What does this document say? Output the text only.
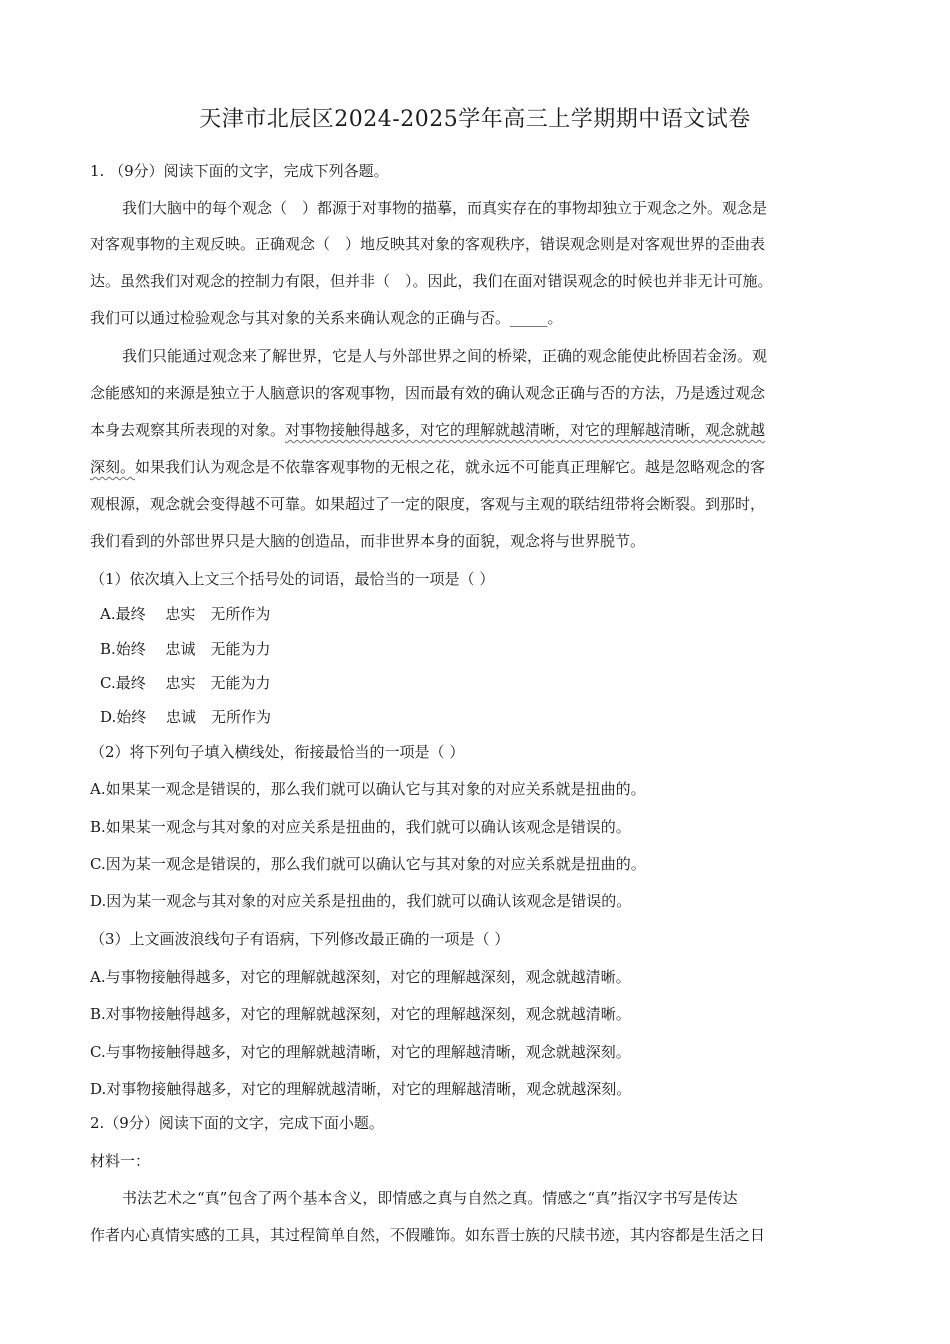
天津市北辰区2024-2025学年高三上学期期中语文试卷
1. （9分）阅读下面的文字，完成下列各题。
我们大脑中的每个观念（　）都源于对事物的描摹，而真实存在的事物却独立于观念之外。观念是
对客观事物的主观反映。正确观念（　）地反映其对象的客观秩序，错误观念则是对客观世界的歪曲表
达。虽然我们对观念的控制力有限，但并非（　）。因此，我们在面对错误观念的时候也并非无计可施。
我们可以通过检验观念与其对象的关系来确认观念的正确与否。_____。
我们只能通过观念来了解世界，它是人与外部世界之间的桥梁，正确的观念能使此桥固若金汤。观
念能感知的来源是独立于人脑意识的客观事物，因而最有效的确认观念正确与否的方法，乃是透过观念
本身去观察其所表现的对象。对事物接触得越多，对它的理解就越清晰，对它的理解越清晰，观念就越
深刻。如果我们认为观念是不依靠客观事物的无根之花，就永远不可能真正理解它。越是忽略观念的客
观根源，观念就会变得越不可靠。如果超过了一定的限度，客观与主观的联结纽带将会断裂。到那时，
我们看到的外部世界只是大脑的创造品，而非世界本身的面貌，观念将与世界脱节。
（1）依次填入上文三个括号处的词语，最恰当的一项是（ ）
A.最终　 忠实　无所作为
B.始终　 忠诚　无能为力
C.最终　 忠实　无能为力
D.始终　 忠诚　无所作为
（2）将下列句子填入横线处，衔接最恰当的一项是（ ）
A.如果某一观念是错误的，那么我们就可以确认它与其对象的对应关系就是扭曲的。
B.如果某一观念与其对象的对应关系是扭曲的，我们就可以确认该观念是错误的。
C.因为某一观念是错误的，那么我们就可以确认它与其对象的对应关系就是扭曲的。
D.因为某一观念与其对象的对应关系是扭曲的，我们就可以确认该观念是错误的。
（3）上文画波浪线句子有语病，下列修改最正确的一项是（ ）
A.与事物接触得越多，对它的理解就越深刻，对它的理解越深刻，观念就越清晰。
B.对事物接触得越多，对它的理解就越深刻，对它的理解越深刻，观念就越清晰。
C.与事物接触得越多，对它的理解就越清晰，对它的理解越清晰，观念就越深刻。
D.对事物接触得越多，对它的理解就越清晰，对它的理解越清晰，观念就越深刻。
2.（9分）阅读下面的文字，完成下面小题。
材料一：
书法艺术之“真”包含了两个基本含义，即情感之真与自然之真。情感之“真”指汉字书写是传达
作者内心真情实感的工具，其过程简单自然，不假雕饰。如东晋士族的尺牍书迹，其内容都是生活之日
